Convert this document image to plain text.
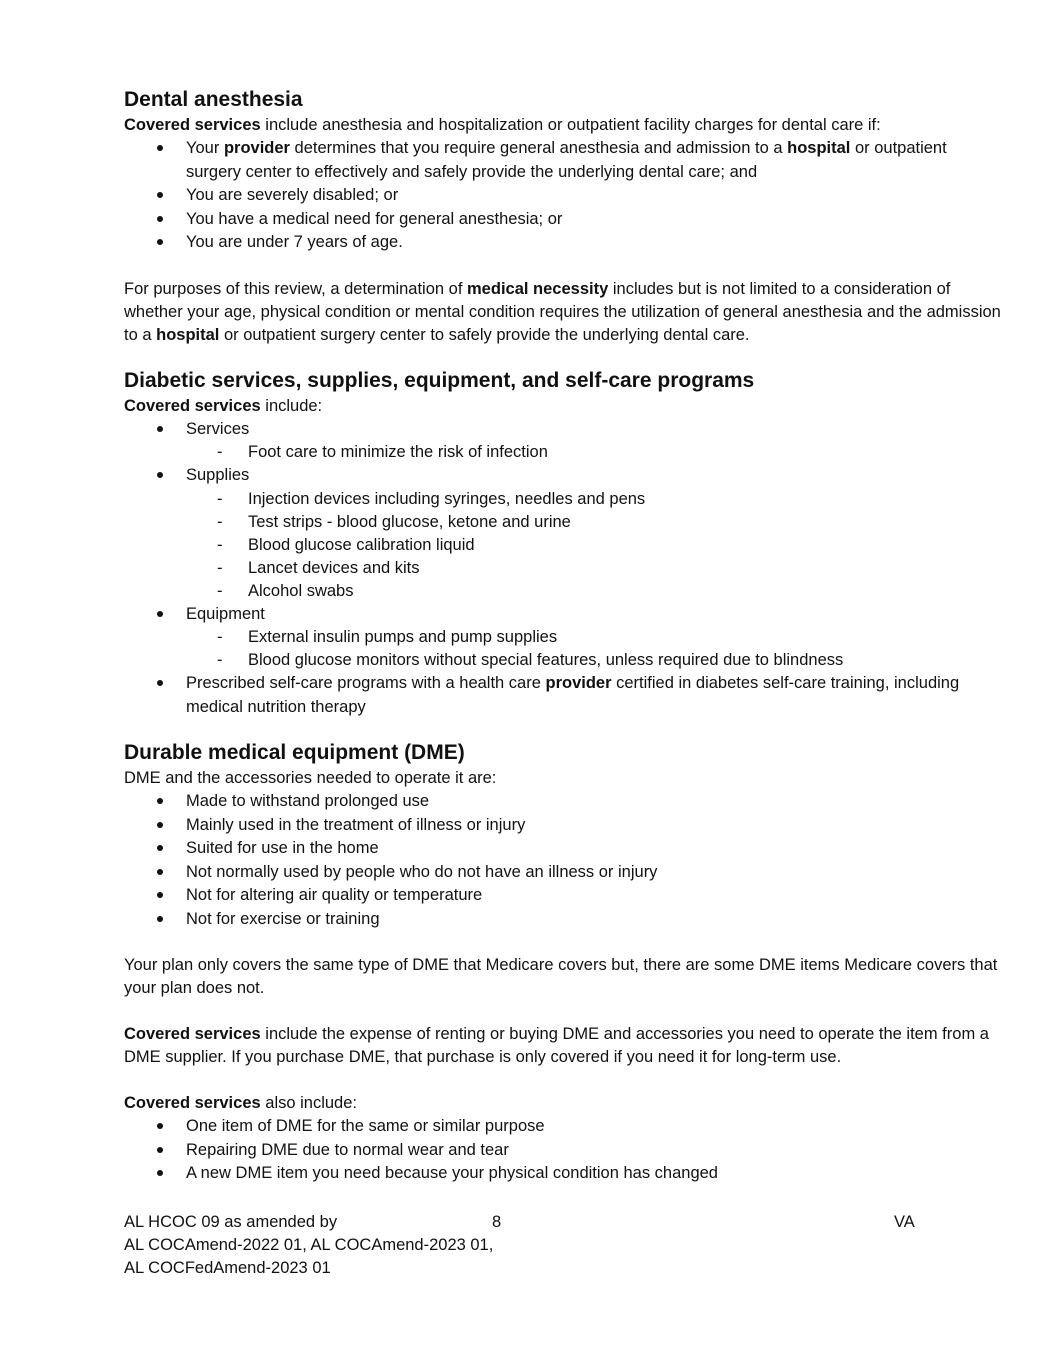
Dental anesthesia

Covered services include anesthesia and hospitalization or outpatient facility charges for dental care if:

Your provider determines that you require general anesthesia and admission to a hospital or outpatient surgery center to effectively and safely provide the underlying dental care; and
You are severely disabled; or
You have a medical need for general anesthesia; or
You are under 7 years of age.

For purposes of this review, a determination of medical necessity includes but is not limited to a consideration of whether your age, physical condition or mental condition requires the utilization of general anesthesia and the admission to a hospital or outpatient surgery center to safely provide the underlying dental care.

Diabetic services, supplies, equipment, and self-care programs

Covered services include:

Services
- Foot care to minimize the risk of infection
Supplies
- Injection devices including syringes, needles and pens
- Test strips - blood glucose, ketone and urine
- Blood glucose calibration liquid
- Lancet devices and kits
- Alcohol swabs
Equipment
- External insulin pumps and pump supplies
- Blood glucose monitors without special features, unless required due to blindness
Prescribed self-care programs with a health care provider certified in diabetes self-care training, including medical nutrition therapy
Durable medical equipment (DME)

DME and the accessories needed to operate it are:

Made to withstand prolonged use
Mainly used in the treatment of illness or injury
Suited for use in the home
Not normally used by people who do not have an illness or injury
Not for altering air quality or temperature
Not for exercise or training

Your plan only covers the same type of DME that Medicare covers but, there are some DME items Medicare covers that your plan does not.

Covered services include the expense of renting or buying DME and accessories you need to operate the item from a DME supplier. If you purchase DME, that purchase is only covered if you need it for long-term use.

Covered services also include:

One item of DME for the same or similar purpose
Repairing DME due to normal wear and tear
A new DME item you need because your physical condition has changed
AL HCOC 09 as amended by	8	VA
AL COCAmend-2022 01, AL COCAmend-2023 01,
AL COCFedAmend-2023 01
